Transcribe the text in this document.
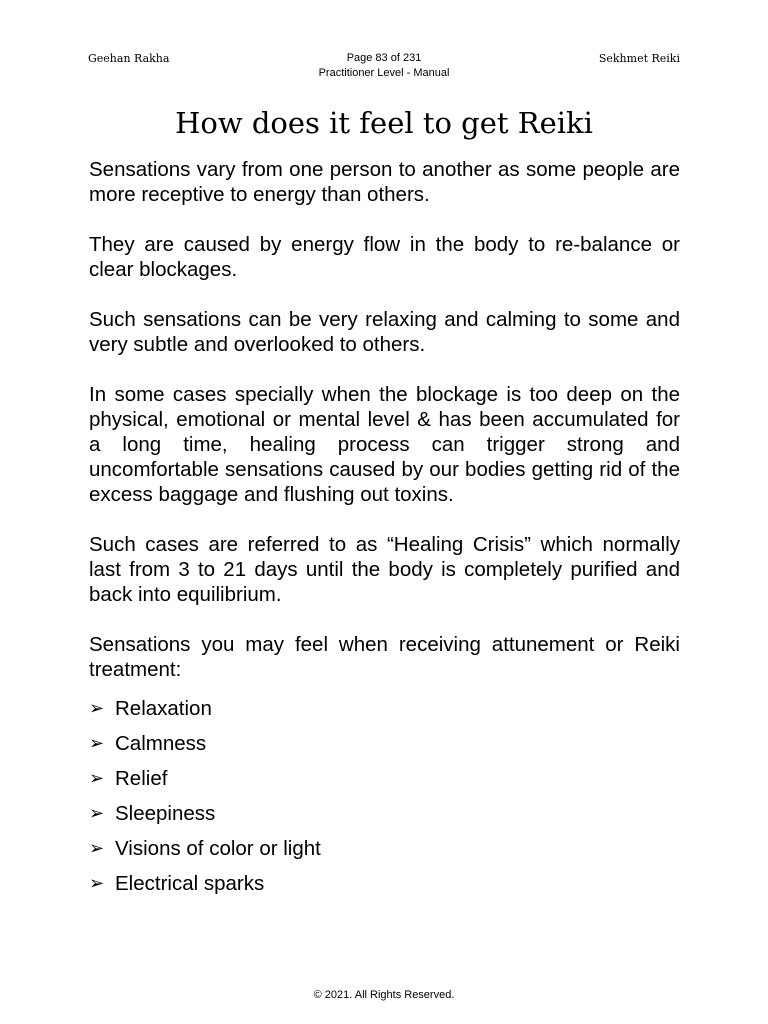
Geehan Rakha	Page 83 of 231
Practitioner Level - Manual
Sekhmet Reiki
How does it feel to get Reiki

Sensations vary from one person to another as some people are more receptive to energy than others.

They are caused by energy flow in the body to re-balance or clear blockages.

Such sensations can be very relaxing and calming to some and very subtle and overlooked to others.

In some cases specially when the blockage is too deep on the physical, emotional or mental level & has been accumulated for a long time, healing process can trigger strong and uncomfortable sensations caused by our bodies getting rid of the excess baggage and flushing out toxins.

Such cases are referred to as “Healing Crisis” which normally last from 3 to 21 days until the body is completely purified and back into equilibrium.

Sensations you may feel when receiving attunement or Reiki treatment:

➢ Relaxation
➢ Calmness
➢ Relief
➢ Sleepiness
➢ Visions of color or light
➢ Electrical sparks
© 2021. All Rights Reserved.
